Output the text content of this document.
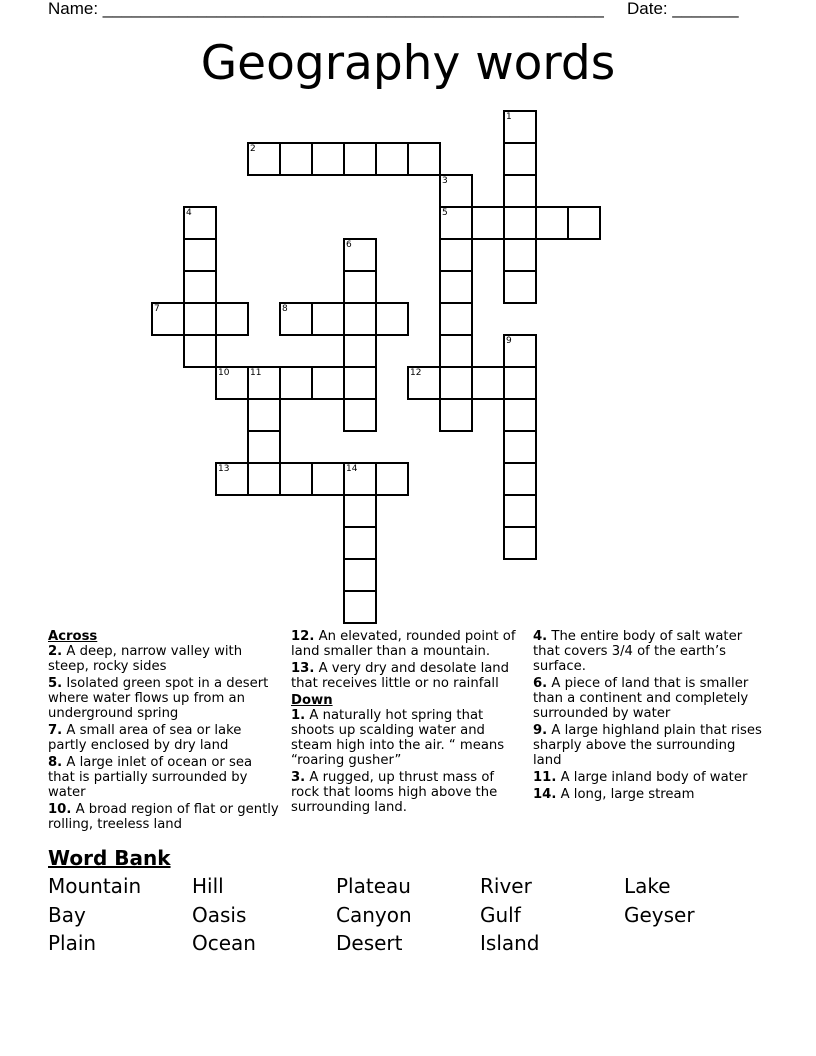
Name: _____________________________________________________ Date: _______
Geography words
1
2
3
4	5
6
7	8
9
10 11	12
13	14
Across
2. A deep, narrow valley with steep, rocky sides
5. Isolated green spot in a desert where water flows up from an underground spring
7. A small area of sea or lake partly enclosed by dry land
8. A large inlet of ocean or sea that is partially surrounded by water
10. A broad region of flat or gently rolling, treeless land
12. An elevated, rounded point of land smaller than a mountain.
13. A very dry and desolate land that receives little or no rainfall
Down
1. A naturally hot spring that shoots up scalding water and steam high into the air. “ means “roaring gusher”
3. A rugged, up thrust mass of rock that looms high above the surrounding land.
4. The entire body of salt water that covers 3/4 of the earth’s surface.
6. A piece of land that is smaller than a continent and completely surrounded by water
9. A large highland plain that rises sharply above the surrounding land
11. A large inland body of water
14. A long, large stream
Word Bank
Mountain	Hill	Plateau	River	Lake
Bay	Oasis	Canyon	Gulf	Geyser
Plain	Ocean	Desert	Island
